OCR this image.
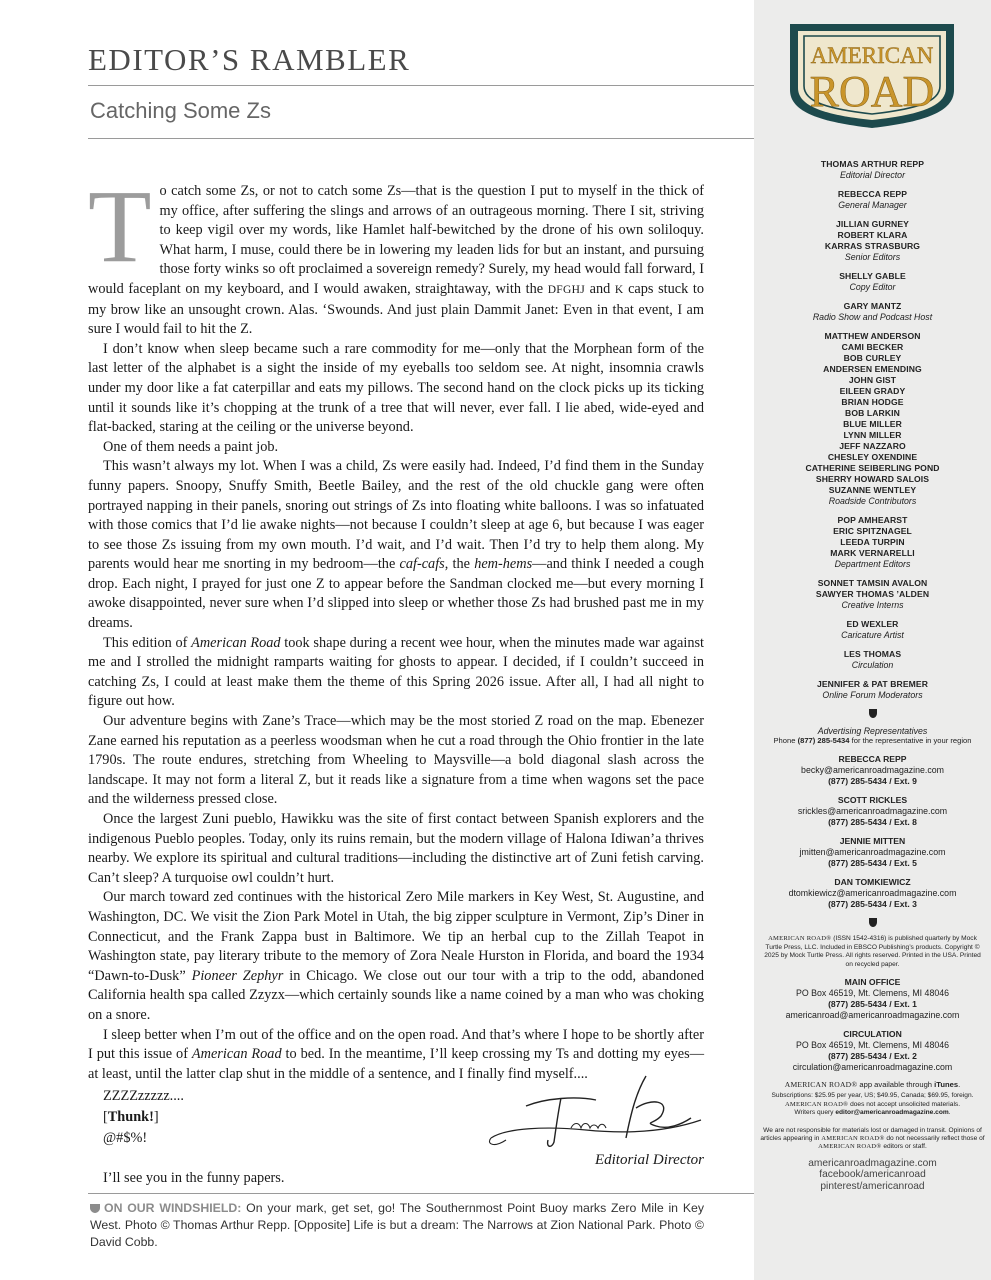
EDITOR’S RAMBLER
Catching Some Zs

To catch some Zs, or not to catch some Zs—that is the question I put to myself in the thick of my office, after suffering the slings and arrows of an outrageous morning. There I sit, striving to keep vigil over my words, like Hamlet half-bewitched by the drone of his own soliloquy. What harm, I muse, could there be in lowering my leaden lids for but an instant, and pursuing those forty winks so oft proclaimed a sovereign remedy? Surely, my head would fall forward, I would faceplant on my keyboard, and I would awaken, straightaway, with the DFGHJ and K caps stuck to my brow like an unsought crown. Alas. ‘Swounds. And just plain Dammit Janet: Even in that event, I am sure I would fail to hit the Z.

I don’t know when sleep became such a rare commodity for me—only that the Morphean form of the last letter of the alphabet is a sight the inside of my eyeballs too seldom see. At night, insomnia crawls under my door like a fat caterpillar and eats my pillows. The second hand on the clock picks up its ticking until it sounds like it’s chopping at the trunk of a tree that will never, ever fall. I lie abed, wide-eyed and flat-backed, staring at the ceiling or the universe beyond.

One of them needs a paint job.

This wasn’t always my lot. When I was a child, Zs were easily had. Indeed, I’d find them in the Sunday funny papers. Snoopy, Snuffy Smith, Beetle Bailey, and the rest of the old chuckle gang were often portrayed napping in their panels, snoring out strings of Zs into floating white balloons. I was so infatuated with those comics that I’d lie awake nights—not because I couldn’t sleep at age 6, but because I was eager to see those Zs issuing from my own mouth. I’d wait, and I’d wait. Then I’d try to help them along. My parents would hear me snorting in my bedroom—the caf-cafs, the hem-hems—and think I needed a cough drop. Each night, I prayed for just one Z to appear before the Sandman clocked me—but every morning I awoke disappointed, never sure when I’d slipped into sleep or whether those Zs had brushed past me in my dreams.

This edition of American Road took shape during a recent wee hour, when the minutes made war against me and I strolled the midnight ramparts waiting for ghosts to appear. I decided, if I couldn’t succeed in catching Zs, I could at least make them the theme of this Spring 2026 issue. After all, I had all night to figure out how.

Our adventure begins with Zane’s Trace—which may be the most storied Z road on the map. Ebenezer Zane earned his reputation as a peerless woodsman when he cut a road through the Ohio frontier in the late 1790s. The route endures, stretching from Wheeling to Maysville—a bold diagonal slash across the landscape. It may not form a literal Z, but it reads like a signature from a time when wagons set the pace and the wilderness pressed close.

Once the largest Zuni pueblo, Hawikku was the site of first contact between Spanish explorers and the indigenous Pueblo peoples. Today, only its ruins remain, but the modern village of Halona Idiwan’a thrives nearby. We explore its spiritual and cultural traditions—including the distinctive art of Zuni fetish carving. Can’t sleep? A turquoise owl couldn’t hurt.

Our march toward zed continues with the historical Zero Mile markers in Key West, St. Augustine, and Washington, DC. We visit the Zion Park Motel in Utah, the big zipper sculpture in Vermont, Zip’s Diner in Connecticut, and the Frank Zappa bust in Baltimore. We tip an herbal cup to the Zillah Teapot in Washington state, pay literary tribute to the memory of Zora Neale Hurston in Florida, and board the 1934 “Dawn-to-Dusk” Pioneer Zephyr in Chicago. We close out our tour with a trip to the odd, abandoned California health spa called Zzyzx—which certainly sounds like a name coined by a man who was choking on a snore.

I sleep better when I’m out of the office and on the open road. And that’s where I hope to be shortly after I put this issue of American Road to bed. In the meantime, I’ll keep crossing my Ts and dotting my eyes—at least, until the latter clap shut in the middle of a sentence, and I finally find myself....

ZZZZzzzzz....
[Thunk!]
@#$%!
I’ll see you in the funny papers.
Editorial Director
ON OUR WINDSHIELD: On your mark, get set, go! The Southernmost Point Buoy marks Zero Mile in Key West. Photo © Thomas Arthur Repp. [Opposite] Life is but a dream: The Narrows at Zion National Park. Photo © David Cobb.
AMERICAN
ROAD
THOMAS ARTHUR REPP
Editorial Director
REBECCA REPP
General Manager
JILLIAN GURNEY
ROBERT KLARA
KARRAS STRASBURG
Senior Editors
SHELLY GABLE
Copy Editor
GARY MANTZ
Radio Show and Podcast Host
MATTHEW ANDERSON
CAMI BECKER
BOB CURLEY
ANDERSEN EMENDING
JOHN GIST
EILEEN GRADY
BRIAN HODGE
BOB LARKIN
BLUE MILLER
LYNN MILLER
JEFF NAZZARO
CHESLEY OXENDINE
CATHERINE SEIBERLING POND
SHERRY HOWARD SALOIS
SUZANNE WENTLEY
Roadside Contributors
POP AMHEARST
ERIC SPITZNAGEL
LEEDA TURPIN
MARK VERNARELLI
Department Editors
SONNET TAMSIN AVALON
SAWYER THOMAS ’ALDEN
Creative Interns
ED WEXLER
Caricature Artist
LES THOMAS
Circulation
JENNIFER & PAT BREMER
Online Forum Moderators
Advertising Representatives
Phone (877) 285-5434 for the representative in your region
REBECCA REPP
becky@americanroadmagazine.com
(877) 285-5434 / Ext. 9
SCOTT RICKLES
srickles@americanroadmagazine.com
(877) 285-5434 / Ext. 8
JENNIE MITTEN
jmitten@americanroadmagazine.com
(877) 285-5434 / Ext. 5
DAN TOMKIEWICZ
dtomkiewicz@americanroadmagazine.com
(877) 285-5434 / Ext. 3
AMERICAN ROAD® (ISSN 1542-4316) is published quarterly by Mock Turtle Press, LLC. Included in EBSCO Publishing’s products. Copyright © 2025 by Mock Turtle Press. All rights reserved. Printed in the USA. Printed on recycled paper.
MAIN OFFICE
PO Box 46519, Mt. Clemens, MI 48046
(877) 285-5434 / Ext. 1
americanroad@americanroadmagazine.com
CIRCULATION
PO Box 46519, Mt. Clemens, MI 48046
(877) 285-5434 / Ext. 2
circulation@americanroadmagazine.com
AMERICAN ROAD® app available through iTunes.
Subscriptions: $25.95 per year, US; $49.95, Canada; $69.95, foreign.
AMERICAN ROAD® does not accept unsolicited materials.
Writers query editor@americanroadmagazine.com.
We are not responsible for materials lost or damaged in transit. Opinions of articles appearing in AMERICAN ROAD® do not necessarily reflect those of AMERICAN ROAD® editors or staff.
americanroadmagazine.com
facebook/americanroad
pinterest/americanroad
